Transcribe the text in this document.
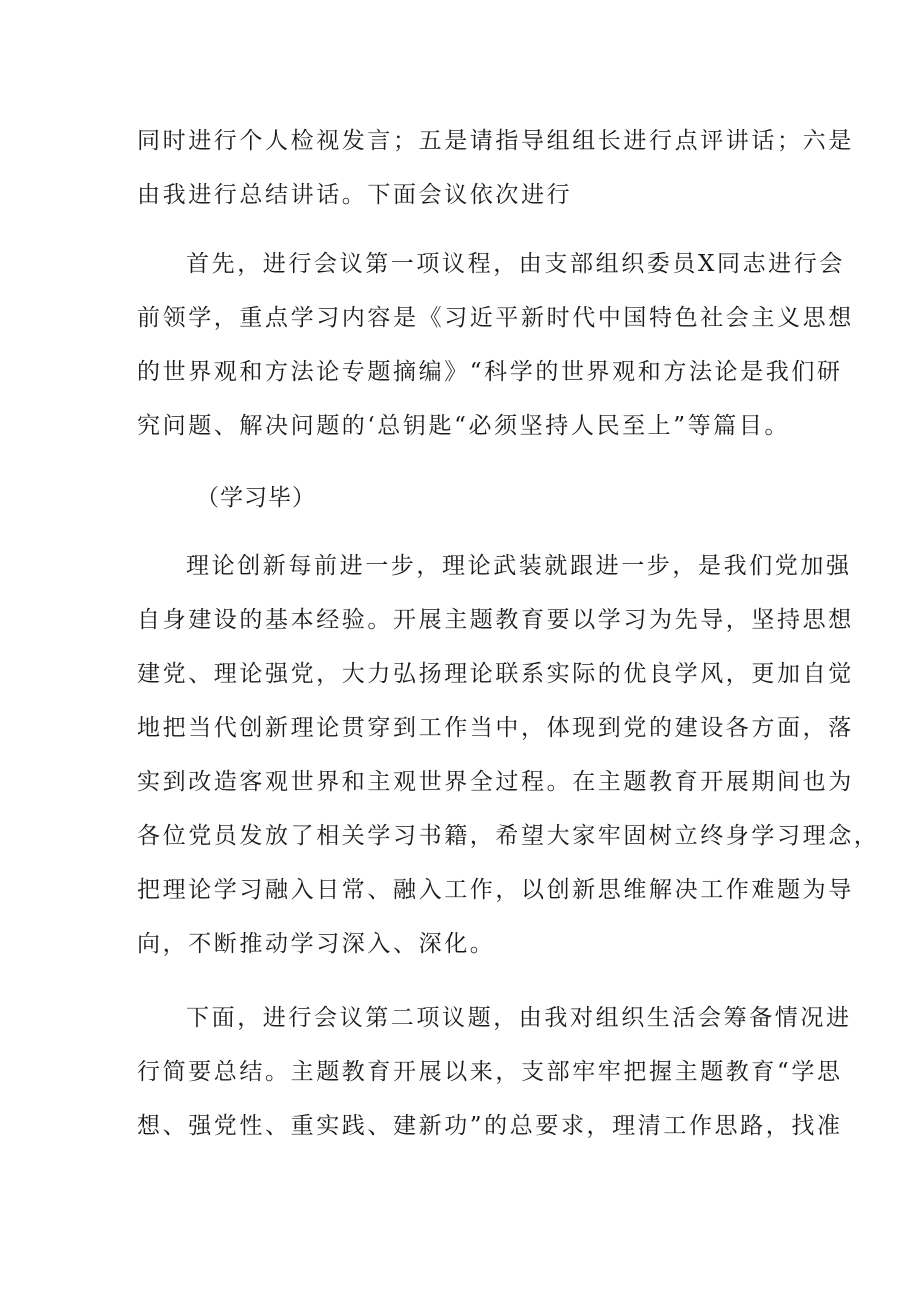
同时进行个人检视发言；五是请指导组组长进行点评讲话；六是
由我进行总结讲话。下面会议依次进行
首先，进行会议第一项议程，由支部组织委员X同志进行会
前领学，重点学习内容是《习近平新时代中国特色社会主义思想
的世界观和方法论专题摘编》“科学的世界观和方法论是我们研
究问题、解决问题的‘总钥匙“必须坚持人民至上”等篇目。
（学习毕）
理论创新每前进一步，理论武装就跟进一步，是我们党加强
自身建设的基本经验。开展主题教育要以学习为先导，坚持思想
建党、理论强党，大力弘扬理论联系实际的优良学风，更加自觉
地把当代创新理论贯穿到工作当中，体现到党的建设各方面，落
实到改造客观世界和主观世界全过程。在主题教育开展期间也为
各位党员发放了相关学习书籍，希望大家牢固树立终身学习理念，
把理论学习融入日常、融入工作，以创新思维解决工作难题为导
向，不断推动学习深入、深化。
下面，进行会议第二项议题，由我对组织生活会筹备情况进
行简要总结。主题教育开展以来，支部牢牢把握主题教育“学思
想、强党性、重实践、建新功”的总要求，理清工作思路，找准
